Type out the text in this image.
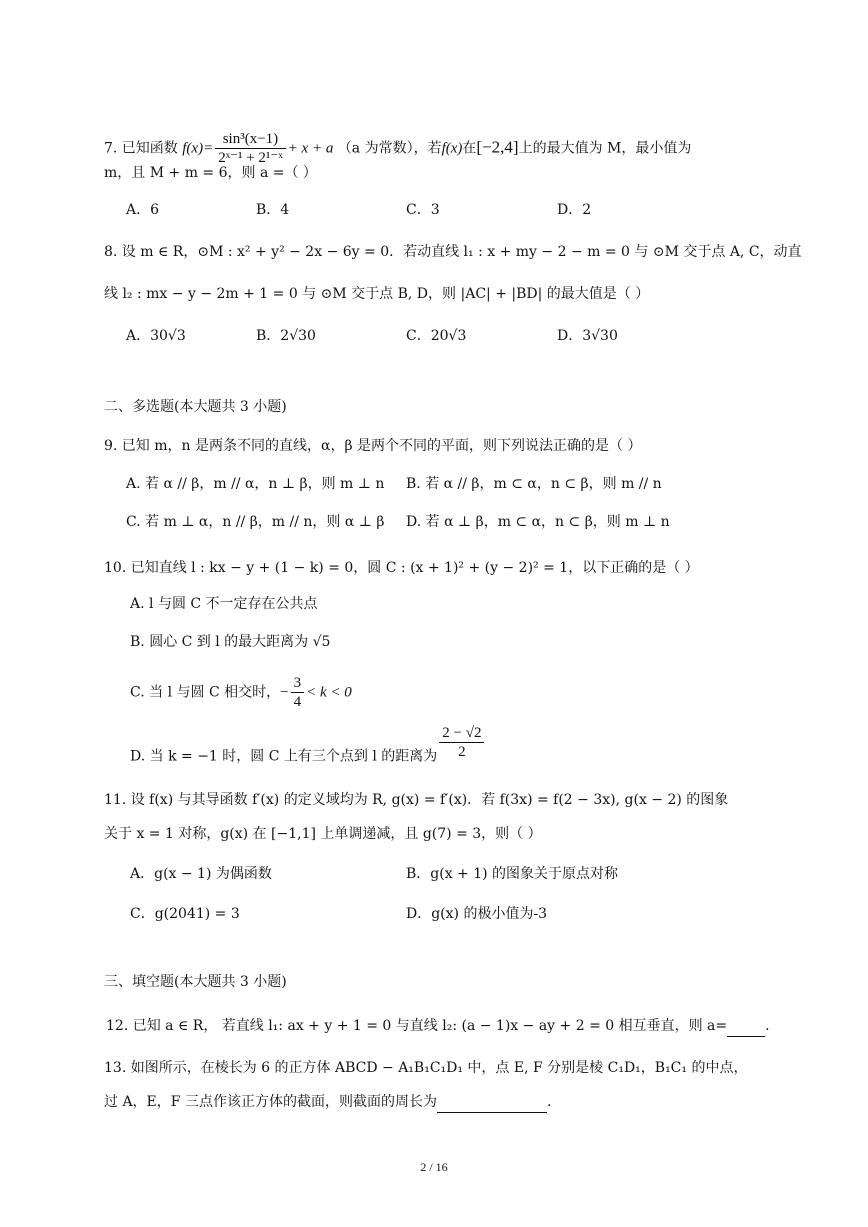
7. 已知函数 $f(x)= \frac{\text{sin³(x−1)}}{\text{2ˣ⁻¹ + 2¹⁻ˣ}} + x + a$ （a 为常数），若f(x)在[−2,4]上的最大值为 M，最小值为
m，且 M + m = 6，则 a =（ ）
A．6	B．4	C．3	D．2
8. 设 m ∈ R，⊙M : x² + y² − 2x − 6y = 0．若动直线 l₁ : x + my − 2 − m = 0 与 ⊙M 交于点 A, C，动直
线 l₂ : mx − y − 2m + 1 = 0 与 ⊙M 交于点 B, D，则 |AC| + |BD| 的最大值是（ ）
A．30√3	B．2√30	C．20√3	D．3√30
二、多选题(本大题共 3 小题)
9. 已知 m，n 是两条不同的直线，α，β 是两个不同的平面，则下列说法正确的是（ ）
A. 若 α // β，m // α，n ⊥ β，则 m ⊥ n B. 若 α // β，m ⊂ α，n ⊂ β，则 m // n
C. 若 m ⊥ α，n // β，m // n，则 α ⊥ β D. 若 α ⊥ β，m ⊂ α，n ⊂ β，则 m ⊥ n
10. 已知直线 l : kx − y + (1 − k) = 0，圆 C : (x + 1)² + (y − 2)² = 1，以下正确的是（ ）
A. l 与圆 C 不一定存在公共点
B. 圆心 C 到 l 的最大距离为 √5
C. 当 l 与圆 C 相交时，− $\frac{3}{4} < k < 0$
D. 当 k = −1 时，圆 C 上有三个点到 l 的距离为 $\frac{2 - √2}{2}$
11. 设 f(x) 与其导函数 f′(x) 的定义域均为 R, g(x) = f′(x)．若 f(3x) = f(2 − 3x), g(x − 2) 的图象
关于 x = 1 对称，g(x) 在 [−1,1] 上单调递减，且 g(7) = 3，则（ ）
A．g(x − 1) 为偶函数	B．g(x + 1) 的图象关于原点对称
C．g(2041) = 3	D．g(x) 的极小值为-3
三、填空题(本大题共 3 小题)
12. 已知 a ∈ R， 若直线 l₁: ax + y + 1 = 0 与直线 l₂: (a − 1)x − ay + 2 = 0 相互垂直，则 a=	.
13. 如图所示，在棱长为 6 的正方体 ABCD − A₁B₁C₁D₁ 中，点 E, F 分别是棱 C₁D₁，B₁C₁ 的中点，
过 A，E，F 三点作该正方体的截面，则截面的周长为	.
2 / 16
